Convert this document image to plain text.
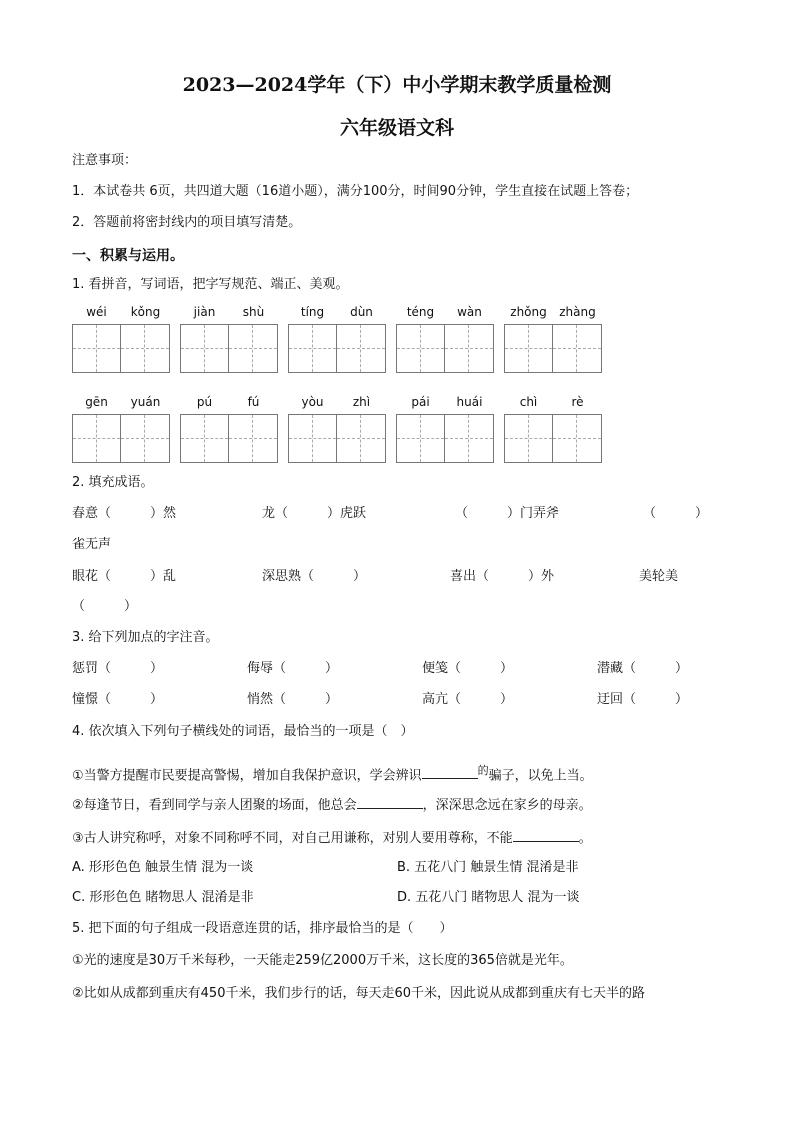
2023—2024学年（下）中小学期末教学质量检测
六年级语文科
注意事项：
1．本试卷共 6页，共四道大题（16道小题），满分100分，时间90分钟，学生直接在试题上答卷；
2．答题前将密封线内的项目填写清楚。
一、积累与运用。
1. 看拼音，写词语，把字写规范、端正、美观。
wéi	kǒng	jiàn	shù	tíng	dùn	téng	wàn	zhǒng	zhàng
gēn	yuán	pú	fú	yòu	zhì	pái	huái	chì	rè
2. 填充成语。
春意（　　　）然	龙（　　　）虎跃	（　　　）门弄斧	（　　　）
雀无声
眼花（　　　）乱	深思熟（　　　）	喜出（　　　）外	美轮美
（　　　）
3. 给下列加点的字注音。
惩罚（　　　）	侮辱（　　　）	便笺（　　　）	潜藏（　　　）
憧憬（　　　）	悄然（　　　）	高亢（　　　）	迂回（　　　）
4. 依次填入下列句子横线处的词语，最恰当的一项是（　）
①当警方提醒市民要提高警惕，增加自我保护意识，学会辨识	$^的$骗子，以免上当。
②每逢节日，看到同学与亲人团聚的场面，他总会	，深深思念远在家乡的母亲。
③古人讲究称呼，对象不同称呼不同，对自己用谦称，对别人要用尊称，不能	。
A. 形形色色 触景生情 混为一谈	B. 五花八门 触景生情 混淆是非
C. 形形色色 睹物思人 混淆是非	D. 五花八门 睹物思人 混为一谈
5. 把下面的句子组成一段语意连贯的话，排序最恰当的是（　　）
①光的速度是30万千米每秒，一天能走259亿2000万千米，这长度的365倍就是光年。
②比如从成都到重庆有450千米，我们步行的话，每天走60千米，因此说从成都到重庆有七天半的路
